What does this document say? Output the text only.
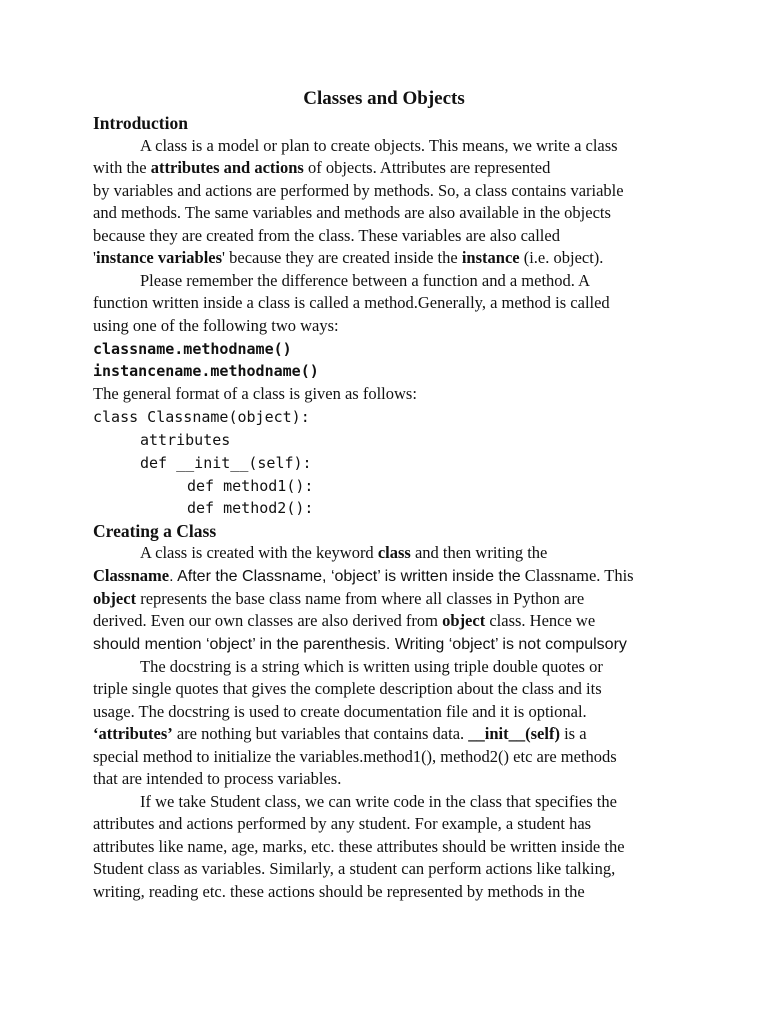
Classes and Objects
Introduction
A class is a model or plan to create objects. This means, we write a class
with the attributes and actions of objects. Attributes are represented
by variables and actions are performed by methods. So, a class contains variable
and methods. The same variables and methods are also available in the objects
because they are created from the class. These variables are also called
'instance variables' because they are created inside the instance (i.e. object).
Please remember the difference between a function and a method. A
function written inside a class is called a method.Generally, a method is called
using one of the following two ways:
classname.methodname()
instancename.methodname()
The general format of a class is given as follows:
class Classname(object):
attributes
def __init__(self):
def method1():
def method2():
Creating a Class
A class is created with the keyword class and then writing the
Classname. After the Classname, ‘object’ is written inside the Classname. This
object represents the base class name from where all classes in Python are
derived. Even our own classes are also derived from object class. Hence we
should mention ‘object’ in the parenthesis. Writing ‘object’ is not compulsory
The docstring is a string which is written using triple double quotes or
triple single quotes that gives the complete description about the class and its
usage. The docstring is used to create documentation file and it is optional.
‘attributes’ are nothing but variables that contains data. __init__(self) is a
special method to initialize the variables.method1(), method2() etc are methods
that are intended to process variables.
If we take Student class, we can write code in the class that specifies the
attributes and actions performed by any student. For example, a student has
attributes like name, age, marks, etc. these attributes should be written inside the
Student class as variables. Similarly, a student can perform actions like talking,
writing, reading etc. these actions should be represented by methods in the
